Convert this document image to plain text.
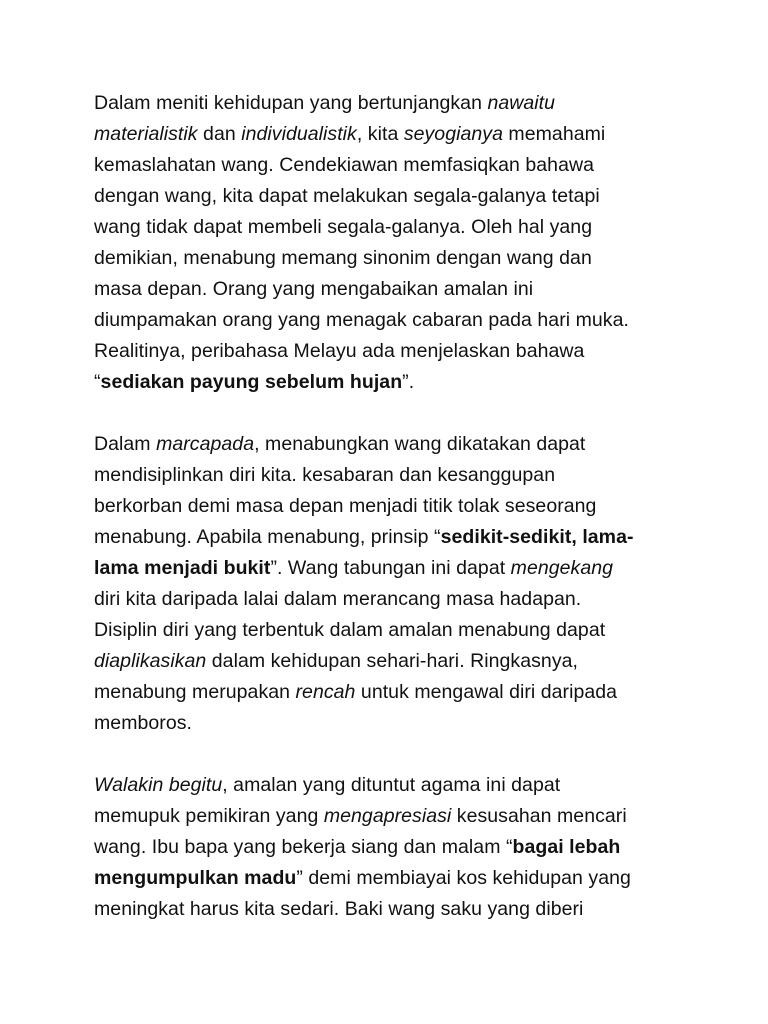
Dalam meniti kehidupan yang bertunjangkan nawaitu
materialistik dan individualistik, kita seyogianya memahami
kemaslahatan wang. Cendekiawan memfasiqkan bahawa
dengan wang, kita dapat melakukan segala-galanya tetapi
wang tidak dapat membeli segala-galanya. Oleh hal yang
demikian, menabung memang sinonim dengan wang dan
masa depan. Orang yang mengabaikan amalan ini
diumpamakan orang yang menagak cabaran pada hari muka.
Realitinya, peribahasa Melayu ada menjelaskan bahawa
“sediakan payung sebelum hujan”.

Dalam marcapada, menabungkan wang dikatakan dapat
mendisiplinkan diri kita. kesabaran dan kesanggupan
berkorban demi masa depan menjadi titik tolak seseorang
menabung. Apabila menabung, prinsip “sedikit-sedikit, lama-
lama menjadi bukit”. Wang tabungan ini dapat mengekang
diri kita daripada lalai dalam merancang masa hadapan.
Disiplin diri yang terbentuk dalam amalan menabung dapat
diaplikasikan dalam kehidupan sehari-hari. Ringkasnya,
menabung merupakan rencah untuk mengawal diri daripada
memboros.

Walakin begitu, amalan yang dituntut agama ini dapat
memupuk pemikiran yang mengapresiasi kesusahan mencari
wang. Ibu bapa yang bekerja siang dan malam “bagai lebah
mengumpulkan madu” demi membiayai kos kehidupan yang
meningkat harus kita sedari. Baki wang saku yang diberi
